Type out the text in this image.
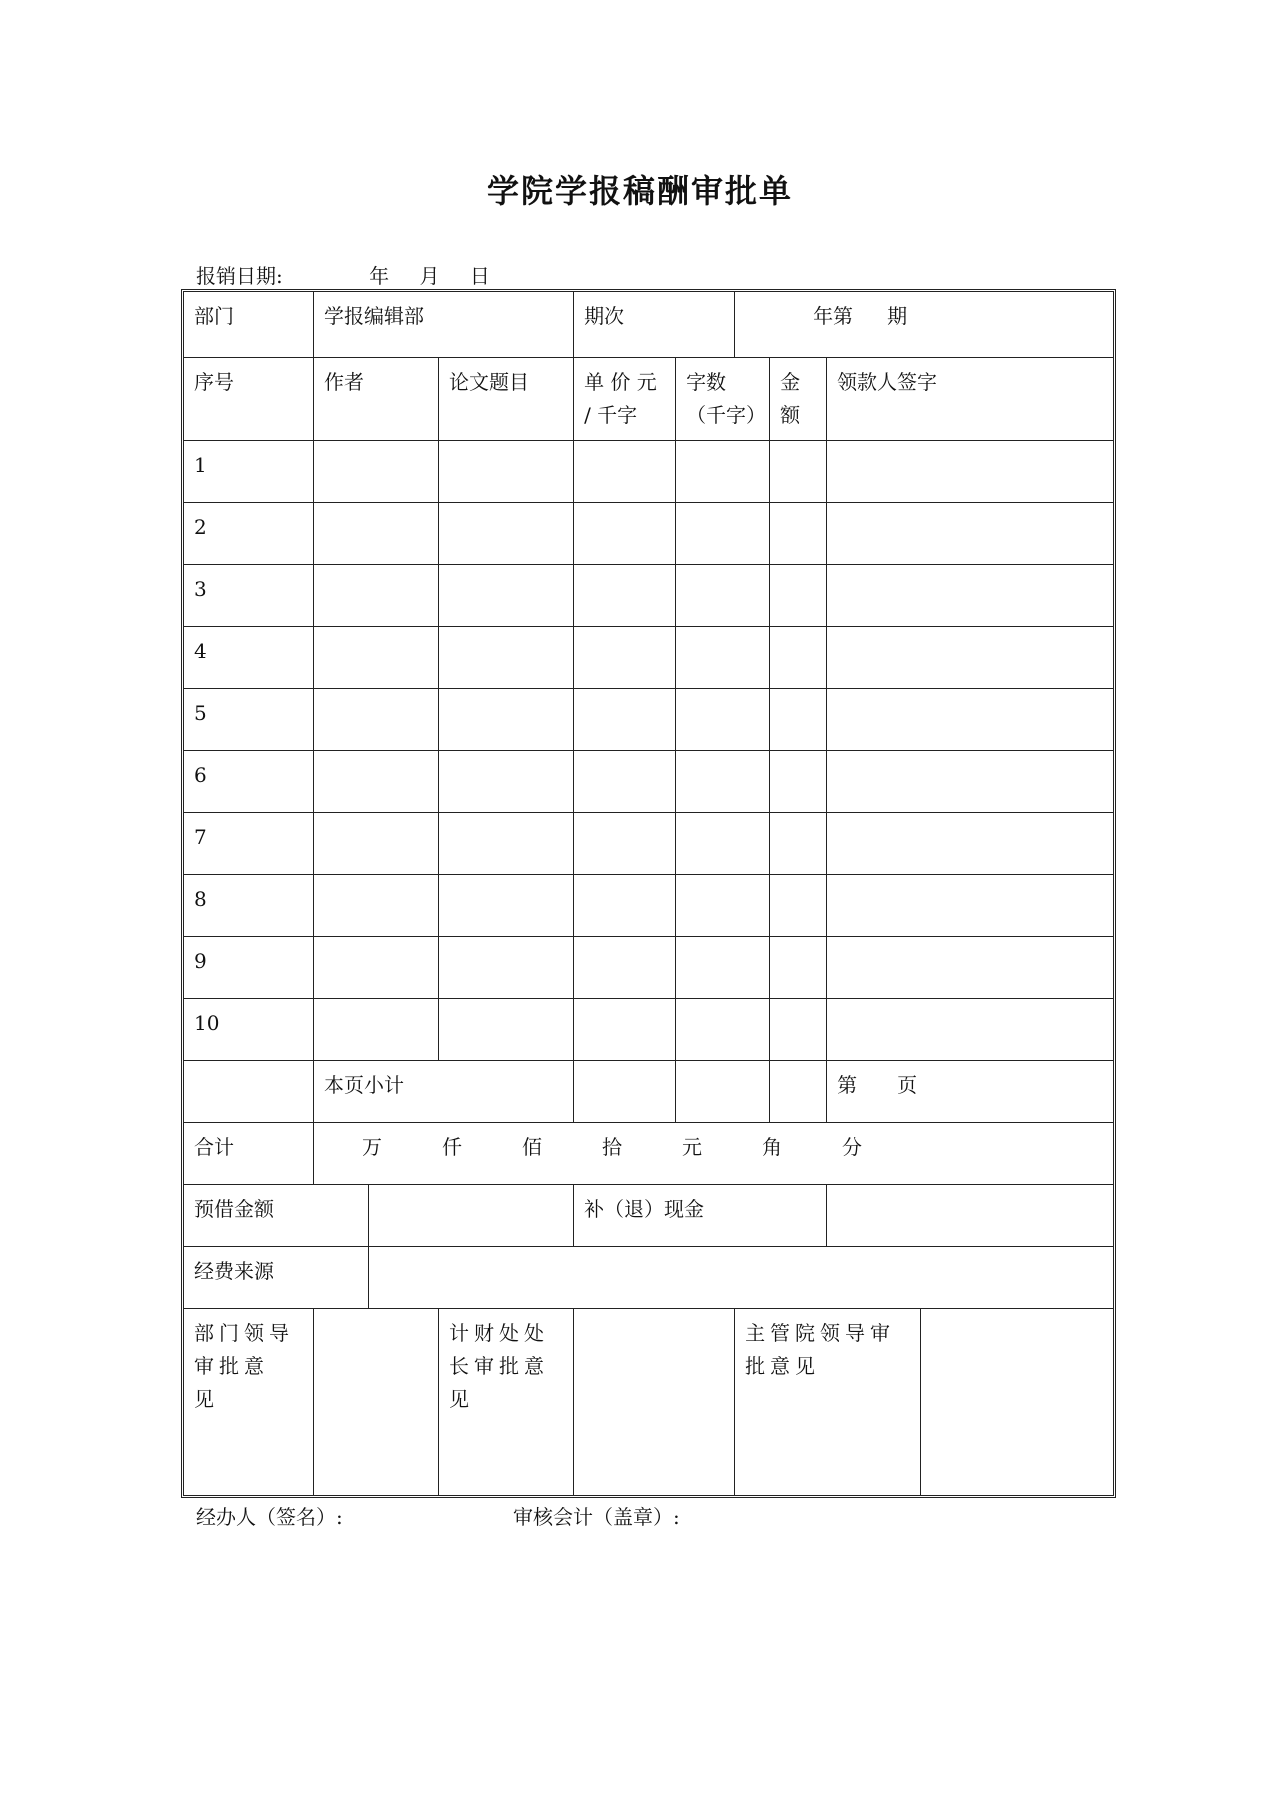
学院学报稿酬审批单
报销日期:	年 月 日
部门	学报编辑部			期次		年第 期			
序号	作者		论文题目	单 价 元 / 千字	字数（千字）		金额	领款人签字	
1									
2									
3									
4									
5									
6									
7									
8									
9									
10									
	本页小计							第 页	
合计	万 仟 佰 拾 元 角 分								
预借金额				补（退）现金					
经费来源									
部门领导审批意　见			计财处处长审批意见			主管院领导审批意见			
经办人（签名）:	审核会计（盖章）:
